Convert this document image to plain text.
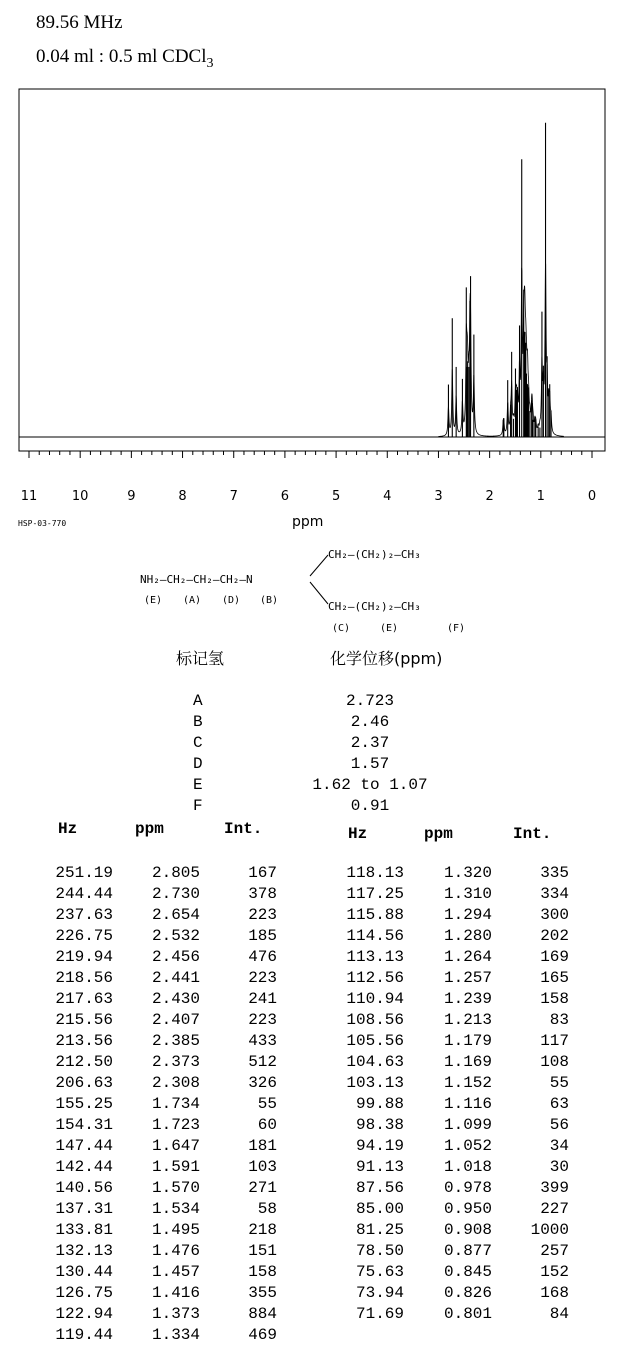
89.56 MHz
0.04 ml : 0.5 ml CDCl$_3$
11	10	9	8	7	6	5	4	3	2	1	0
ppm
HSP-03-770
CH₂—(CH₂)₂—CH₃
NH₂—CH₂—CH₂—CH₂—N
CH₂—(CH₂)₂—CH₃
(E) (A) (D) (B)
(C)	(E)	(F)
标记氢	化学位移(ppm)
A	2.723
B	2.46
C	2.37
D	1.57
E	1.62 to 1.07
F	0.91
Hz	ppm	Int.	Hz	ppm	Int.
251.19 2.805	167
244.44 2.730	378
237.63 2.654	223
226.75 2.532	185
219.94 2.456	476
218.56 2.441	223
217.63 2.430	241
215.56 2.407	223
213.56 2.385	433
212.50 2.373	512
206.63 2.308	326
155.25 1.734	55
154.31 1.723	60
147.44 1.647	181
142.44 1.591	103
140.56 1.570	271
137.31 1.534	58
133.81 1.495	218
132.13 1.476	151
130.44 1.457	158
126.75 1.416	355
122.94 1.373	884
119.44 1.334	469
118.13 1.320	335
117.25 1.310	334
115.88 1.294	300
114.56 1.280	202
113.13 1.264	169
112.56 1.257	165
110.94 1.239	158
108.56 1.213	83
105.56 1.179	117
104.63 1.169	108
103.13 1.152	55
99.88 1.116	63
98.38 1.099	56
94.19 1.052	34
91.13 1.018	30
87.56 0.978	399
85.00 0.950	227
81.25 0.908 1000
78.50 0.877	257
75.63 0.845	152
73.94 0.826	168
71.69 0.801	84
